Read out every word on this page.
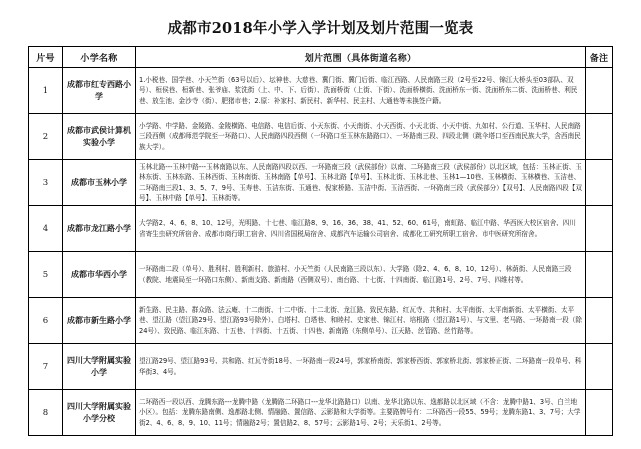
成都市2018年小学入学计划及划片范围一览表
片号	小学名称	划片范围（具体街道名称）	备注
1	成都市红专西路小学	1.小税巷、国学巷、小天竺街（63号以后）、坛神巷、大慈巷、冀门街、冀门后街、临江西路、人民南路三段（2号至22号、锦江大桥头至03部队、双号）、桓侯巷、桓新巷、张爷庙、浆洗街（上、中、下、后街）、洗面桥街（上街、下街）、洗面桥横街、洗面桥东一街、洗面桥东二街、洗面桥巷、利民巷、放生池、金沙寺（街）、肥猪市巷；2.原：补家村、新民村、新华村、民主村、大通巷等未换签户籍。	
2	成都市武侯计算机实验小学	小学路、中学路、金陵路、金陵横路、电信路、电信后街、小天东街、小天南街、小天西街、小天北街、小天中街、九如村、公行道、玉华村、人民南路三段西侧（成都师范学院至一环路口）、人民南路四段西侧（一环路口至玉林东路路口）、一环路南三段、四段北侧（跳伞塔口至西南民族大学，含西南民族大学）。	
3	成都市玉林小学	玉林北路---玉林中路---玉林南路以东、人民南路四段以西、一环路南三段（武侯部份）以南、二环路南三段（武侯部份）以北区域，包括：玉林正街、玉林东街、玉林东路、玉林西街、玉林南街、玉林南路【单号】、玉林北路【单号】、玉林北街、玉林北巷、玉林1—10巷、玉林横街、玉林横巷、玉洁巷、二环路南三段1、3、5、7、9号、玉寿巷、玉洁东街、玉通巷、倪家桥路、玉洁中街、玉洁西街、一环路南三段（武侯部分）【双号】、人民南路四段【双号】、玉林中路【单号】、玉林街等。	
4	成都市龙江路小学	大学路2、4、6、8、10、12号，光明路、十七巷、临江路8、9、16、36、38、41、52、60、61号，南虹路、临江中路、华西医大校区宿舍、四川省寄生虫研究所宿舍、成都市商行职工宿舍、四川省国税局宿舍、成都汽车运输公司宿舍、成都化工研究所职工宿舍、市中医研究所宿舍。	
5	成都市华西小学	一环路南二段（单号）、胜利村、胜利新村、旅游村、小天竺街（人民南路三段以东）、大学路（除2、4、6、8、10、12号）、林荫街、人民南路三段（教院、地震局至一环路口东侧）、新南支路、新南路（西侧双号）、南台路、十七街、十四南街、临江路1号、2号、7号、四维村等。	
6	成都市新生路小学	新生路、民主路、群众路、法云庵、十二南街、十二中街、十二北街、龙江路、致民东路、红瓦寺、共和村、太平南街、太平南新街、太平横街、太平巷、望江路（望江路29号、望江路93号除外）、白塔村、白塔巷、和睦村、史家巷、锦江村、培根路（望江路1号）、与文里、老马路、一环路南一段（除24号）、致民路、临江东路、十五巷、十四街、十五街、十四巷、新南路（东侧单号）、江天路、丝管路、丝竹路等。	
7	四川大学附属实验小学	望江路29号、望江路93号、共和路、红瓦寺街18号、一环路南一段24号，郭家桥南街、郭家桥西街、郭家桥北街、郭家桥正街、二环路南一段单号、科华街3、4号。	
8	四川大学附属实验小学分校	二环路西一段以西、龙腾东路---龙腾中路（龙腾路二环路口---龙华北路路口）以南、龙华北路以东、逸都路以北区域（不含：龙腾中路1、3号、白兰地小区）。包括：龙腾东路南侧、逸都路北侧、情融路、置信路、云影路和大学街等。主要路牌号有：二环路西一段55、59号；龙腾东路1、3、7号；大学街2、4、6、8、9、10、11号；情融路2号；置信路2、8、57号；云影路1号、2号；天乐街1、2号等。	
